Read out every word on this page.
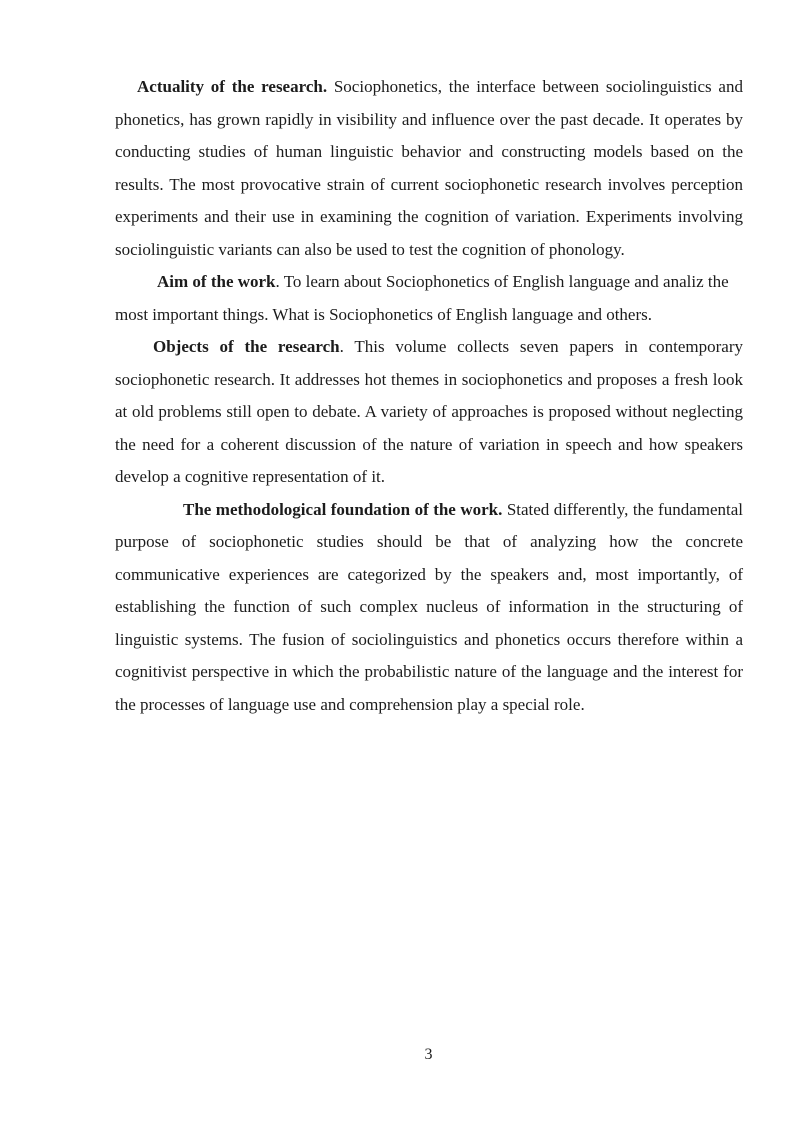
Actuality of the research. Sociophonetics, the interface between sociolinguistics and phonetics, has grown rapidly in visibility and influence over the past decade. It operates by conducting studies of human linguistic behavior and constructing models based on the results. The most provocative strain of current sociophonetic research involves perception experiments and their use in examining the cognition of variation. Experiments involving sociolinguistic variants can also be used to test the cognition of phonology.

Aim of the work. To learn about Sociophonetics of English language and analiz the most important things. What is Sociophonetics of English language and others.

Objects of the research. This volume collects seven papers in contemporary sociophonetic research. It addresses hot themes in sociophonetics and proposes a fresh look at old problems still open to debate. A variety of approaches is proposed without neglecting the need for a coherent discussion of the nature of variation in speech and how speakers develop a cognitive representation of it.

The methodological foundation of the work. Stated differently, the fundamental purpose of sociophonetic studies should be that of analyzing how the concrete communicative experiences are categorized by the speakers and, most importantly, of establishing the function of such complex nucleus of information in the structuring of linguistic systems. The fusion of sociolinguistics and phonetics occurs therefore within a cognitivist perspective in which the probabilistic nature of the language and the interest for the processes of language use and comprehension play a special role.

3
